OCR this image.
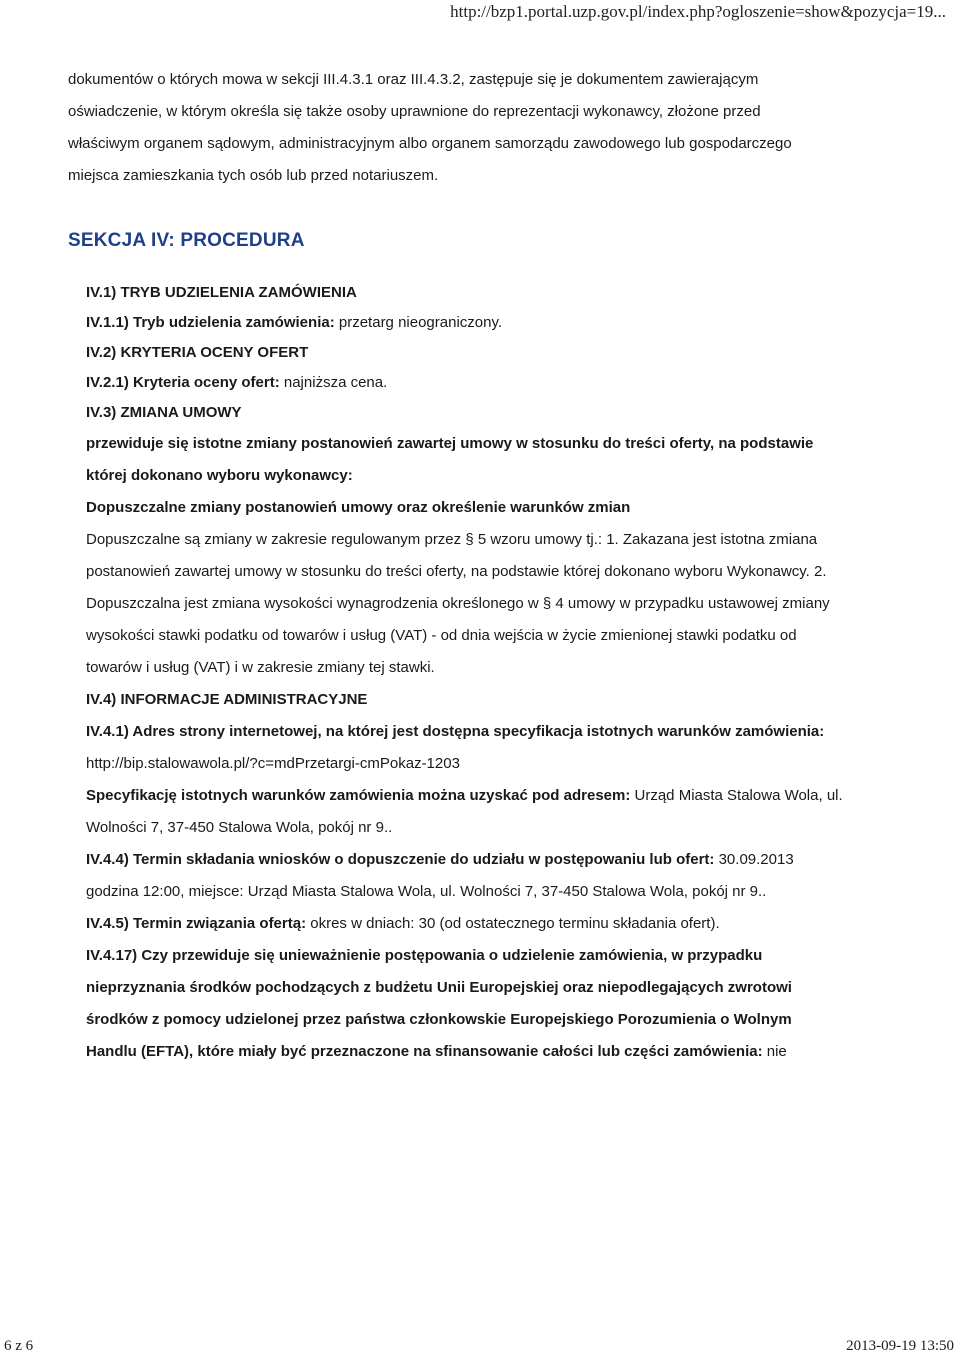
http://bzp1.portal.uzp.gov.pl/index.php?ogloszenie=show&pozycja=19...

dokumentów o których mowa w sekcji III.4.3.1 oraz III.4.3.2, zastępuje się je dokumentem zawierającym

oświadczenie, w którym określa się także osoby uprawnione do reprezentacji wykonawcy, złożone przed

właściwym organem sądowym, administracyjnym albo organem samorządu zawodowego lub gospodarczego

miejsca zamieszkania tych osób lub przed notariuszem.

SEKCJA IV: PROCEDURA
IV.1) TRYB UDZIELENIA ZAMÓWIENIA
IV.1.1) Tryb udzielenia zamówienia: przetarg nieograniczony.
IV.2) KRYTERIA OCENY OFERT
IV.2.1) Kryteria oceny ofert: najniższa cena.
IV.3) ZMIANA UMOWY
przewiduje się istotne zmiany postanowień zawartej umowy w stosunku do treści oferty, na podstawie
której dokonano wyboru wykonawcy:
Dopuszczalne zmiany postanowień umowy oraz określenie warunków zmian
Dopuszczalne są zmiany w zakresie regulowanym przez § 5 wzoru umowy tj.: 1. Zakazana jest istotna zmiana
postanowień zawartej umowy w stosunku do treści oferty, na podstawie której dokonano wyboru Wykonawcy. 2.
Dopuszczalna jest zmiana wysokości wynagrodzenia określonego w § 4 umowy w przypadku ustawowej zmiany
wysokości stawki podatku od towarów i usług (VAT) - od dnia wejścia w życie zmienionej stawki podatku od
towarów i usług (VAT) i w zakresie zmiany tej stawki.
IV.4) INFORMACJE ADMINISTRACYJNE
IV.4.1) Adres strony internetowej, na której jest dostępna specyfikacja istotnych warunków zamówienia:
http://bip.stalowawola.pl/?c=mdPrzetargi-cmPokaz-1203
Specyfikację istotnych warunków zamówienia można uzyskać pod adresem: Urząd Miasta Stalowa Wola, ul.
Wolności 7, 37-450 Stalowa Wola, pokój nr 9..
IV.4.4) Termin składania wniosków o dopuszczenie do udziału w postępowaniu lub ofert: 30.09.2013
godzina 12:00, miejsce: Urząd Miasta Stalowa Wola, ul. Wolności 7, 37-450 Stalowa Wola, pokój nr 9..
IV.4.5) Termin związania ofertą: okres w dniach: 30 (od ostatecznego terminu składania ofert).
IV.4.17) Czy przewiduje się unieważnienie postępowania o udzielenie zamówienia, w przypadku
nieprzyznania środków pochodzących z budżetu Unii Europejskiej oraz niepodlegających zwrotowi
środków z pomocy udzielonej przez państwa członkowskie Europejskiego Porozumienia o Wolnym
Handlu (EFTA), które miały być przeznaczone na sfinansowanie całości lub części zamówienia: nie
6 z 6	2013-09-19 13:50
